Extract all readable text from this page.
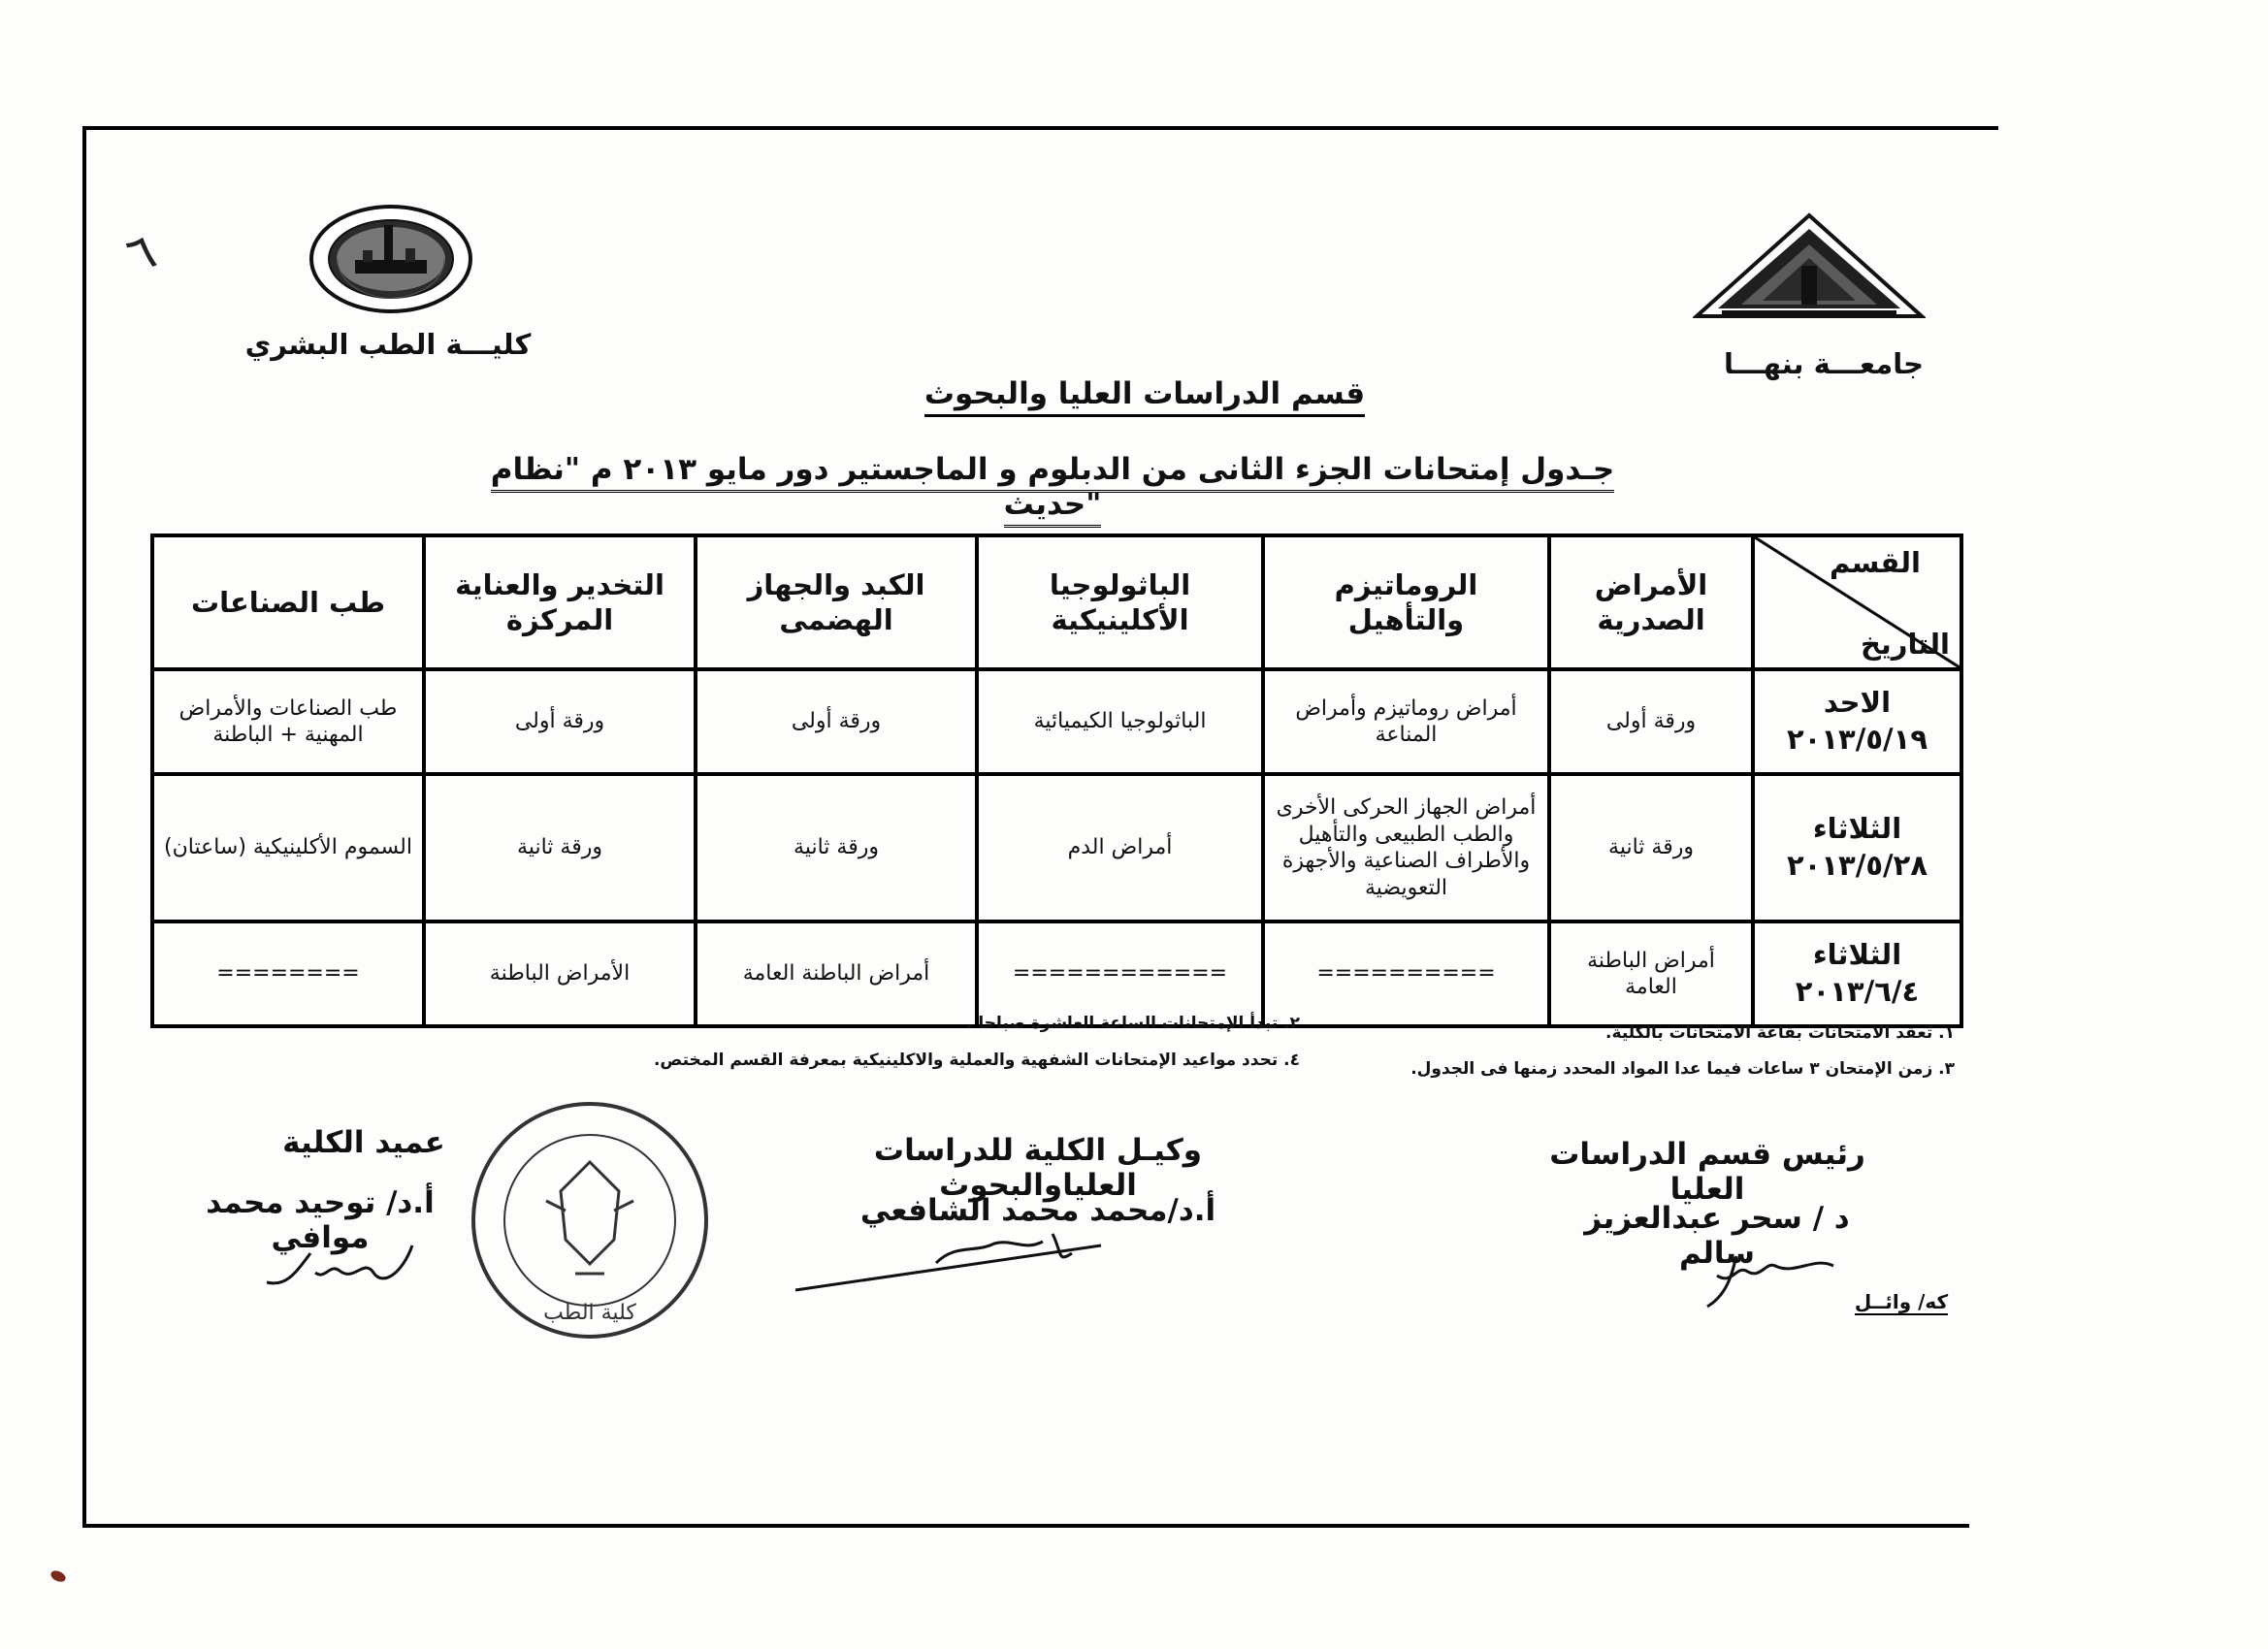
٦
كليـــة الطب البشري
جامعـــة بنهـــا
قسم الدراسات العليا والبحوث
جـدول إمتحانات الجزء الثانى من الدبلوم و الماجستير دور مايو ٢٠١٣ م "نظام حديث"
القسم
التاريخ	الأمراض الصدرية	الروماتيزم والتأهيل	الباثولوجيا الأكلينيكية	الكبد والجهاز الهضمى	التخدير والعناية المركزة	طب الصناعات

الاحد
٢٠١٣/٥/١٩	ورقة أولى	أمراض روماتيزم وأمراض المناعة	الباثولوجيا الكيميائية	ورقة أولى	ورقة أولى	طب الصناعات والأمراض المهنية + الباطنة

الثلاثاء
٢٠١٣/٥/٢٨	ورقة ثانية	أمراض الجهاز الحركى الأخرى والطب الطبيعى والتأهيل والأطراف الصناعية والأجهزة التعويضية	أمراض الدم	ورقة ثانية	ورقة ثانية	السموم الأكلينيكية (ساعتان)

الثلاثاء
٢٠١٣/٦/٤	أمراض الباطنة العامة	==========	============	أمراض الباطنة العامة	الأمراض الباطنة	========
١. تعقد الامتحانات بقاعة الامتحانات بالكلية.
٢. تبدأ الإمتحانات الساعة العاشرة صباحا .
٣. زمن الإمتحان ٣ ساعات فيما عدا المواد المحدد زمنها فى الجدول.
٤. تحدد مواعيد الإمتحانات الشفهية والعملية والاكلينيكية بمعرفة القسم المختص.
رئيس قسم الدراسات العليا
د / سحر عبدالعزيز سالم
وكيـل الكلية للدراسات العلياوالبحوث
أ.د/محمد محمد الشافعي
عميد الكلية
أ.د/ توحيد محمد موافي
كه/ وائــل
كلية الطب
